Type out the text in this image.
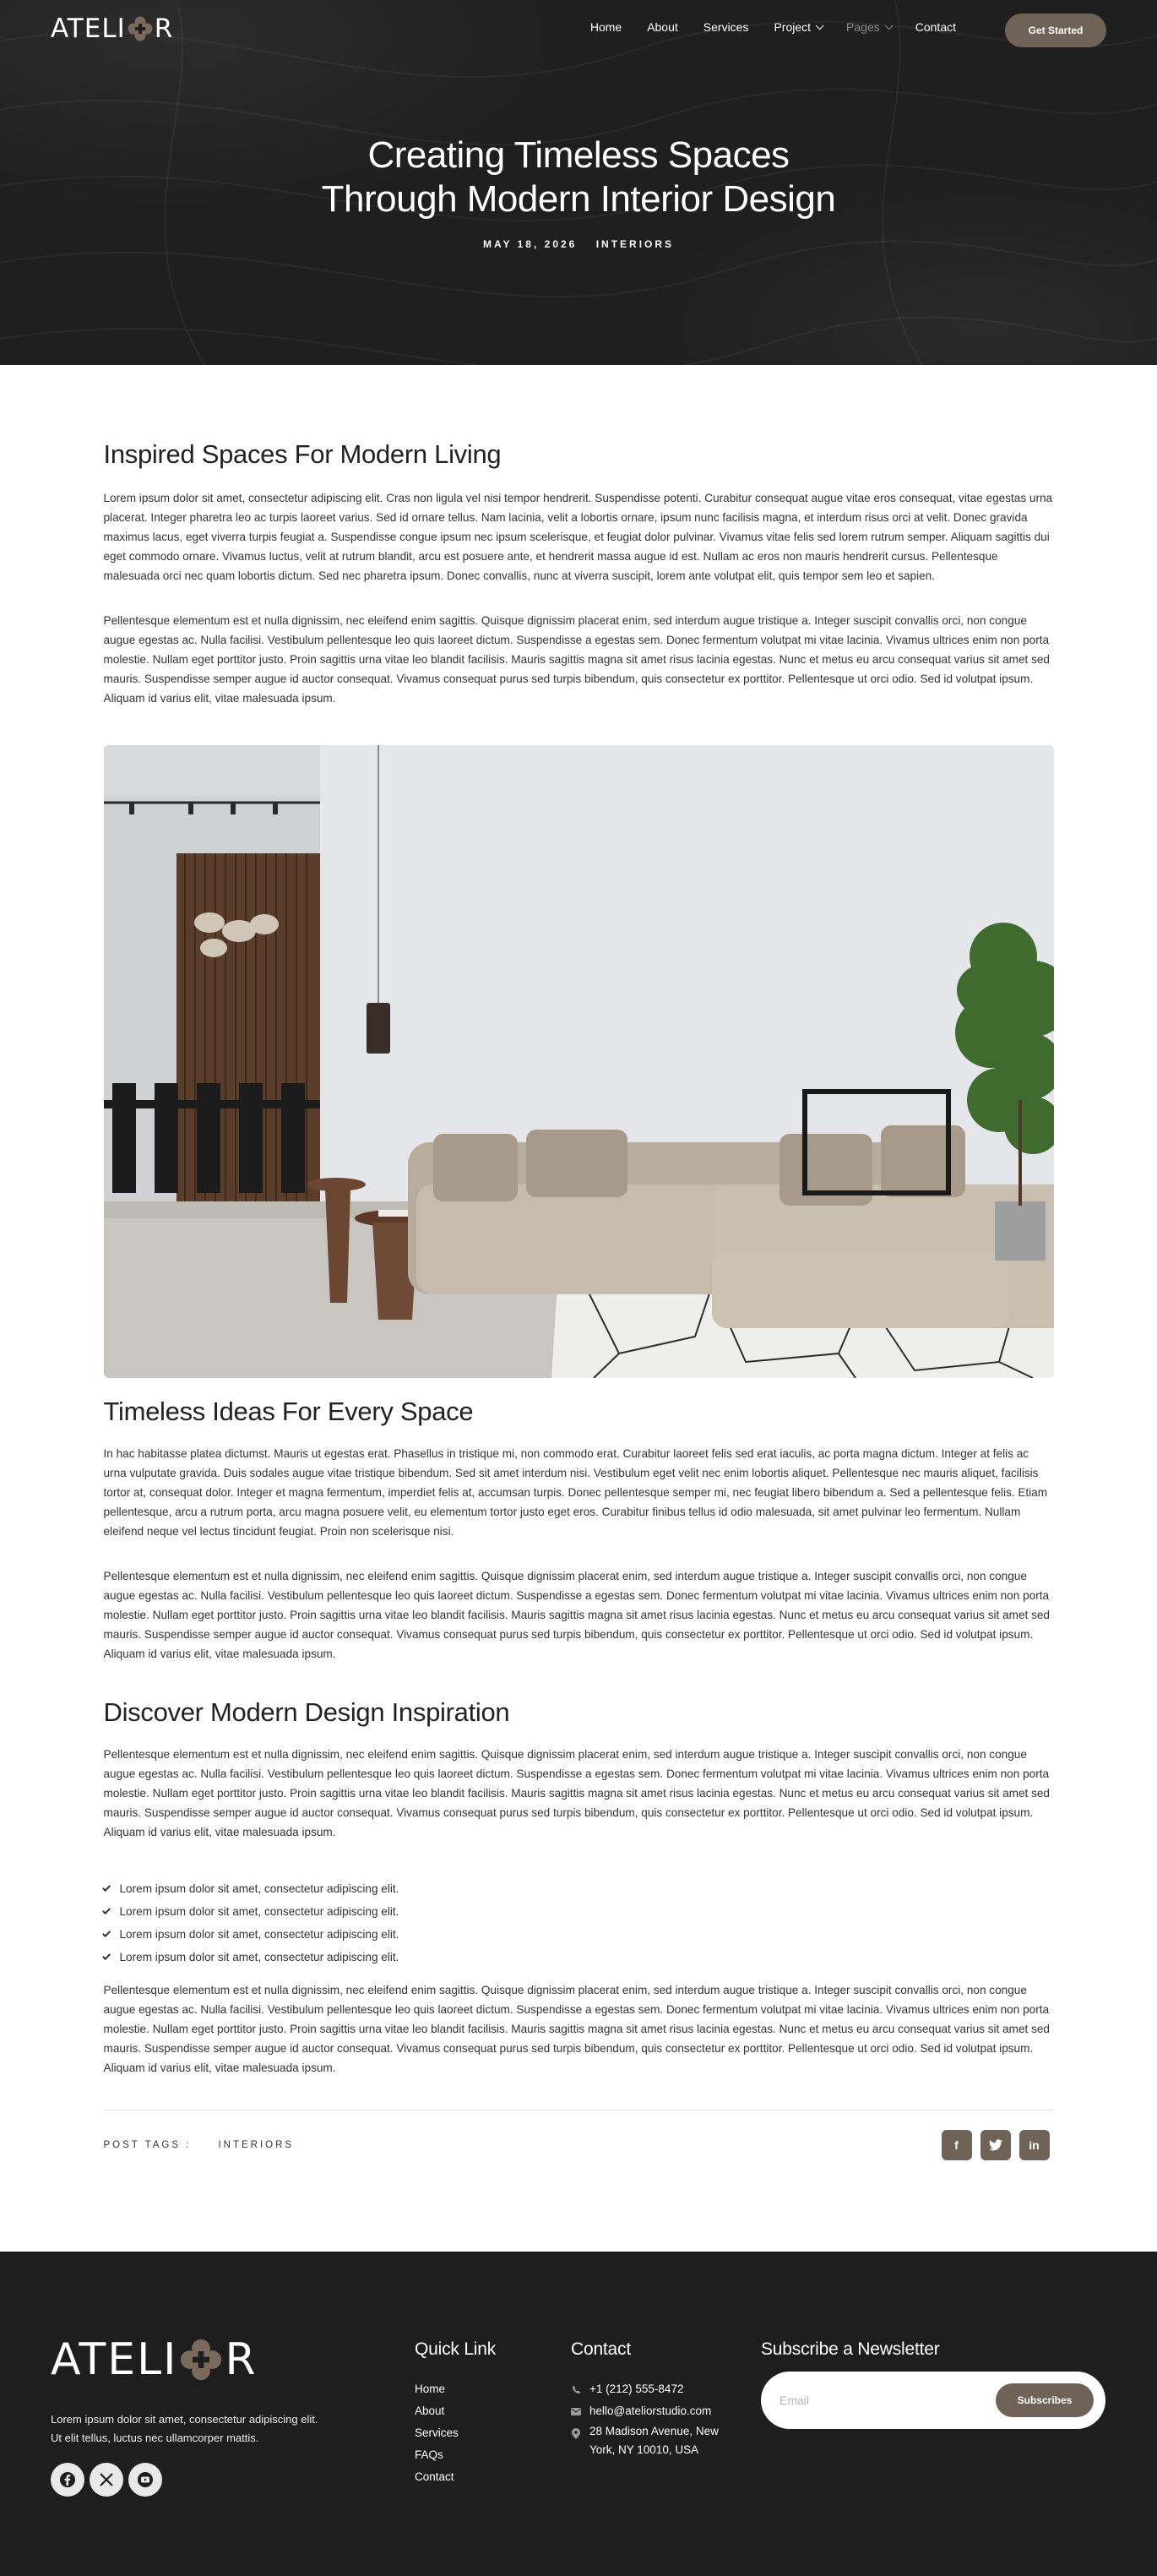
ATELI R	Home About Services Project	Pages	Contact	Get Started
Creating Timeless Spaces
Through Modern Interior Design
MAY 18, 2026 INTERIORS
Inspired Spaces For Modern Living

Lorem ipsum dolor sit amet, consectetur adipiscing elit. Cras non ligula vel nisi tempor hendrerit. Suspendisse potenti. Curabitur consequat augue vitae eros consequat, vitae egestas urna placerat. Integer pharetra leo ac turpis laoreet varius. Sed id ornare tellus. Nam lacinia, velit a lobortis ornare, ipsum nunc facilisis magna, et interdum risus orci at velit. Donec gravida maximus lacus, eget viverra turpis feugiat a. Suspendisse congue ipsum nec ipsum scelerisque, et feugiat dolor pulvinar. Vivamus vitae felis sed lorem rutrum semper. Aliquam sagittis dui eget commodo ornare. Vivamus luctus, velit at rutrum blandit, arcu est posuere ante, et hendrerit massa augue id est. Nullam ac eros non mauris hendrerit cursus. Pellentesque malesuada orci nec quam lobortis dictum. Sed nec pharetra ipsum. Donec convallis, nunc at viverra suscipit, lorem ante volutpat elit, quis tempor sem leo et sapien.

Pellentesque elementum est et nulla dignissim, nec eleifend enim sagittis. Quisque dignissim placerat enim, sed interdum augue tristique a. Integer suscipit convallis orci, non congue augue egestas ac. Nulla facilisi. Vestibulum pellentesque leo quis laoreet dictum. Suspendisse a egestas sem. Donec fermentum volutpat mi vitae lacinia. Vivamus ultrices enim non porta molestie. Nullam eget porttitor justo. Proin sagittis urna vitae leo blandit facilisis. Mauris sagittis magna sit amet risus lacinia egestas. Nunc et metus eu arcu consequat varius sit amet sed mauris. Suspendisse semper augue id auctor consequat. Vivamus consequat purus sed turpis bibendum, quis consectetur ex porttitor. Pellentesque ut orci odio. Sed id volutpat ipsum. Aliquam id varius elit, vitae malesuada ipsum.

Timeless Ideas For Every Space

In hac habitasse platea dictumst. Mauris ut egestas erat. Phasellus in tristique mi, non commodo erat. Curabitur laoreet felis sed erat iaculis, ac porta magna dictum. Integer at felis ac urna vulputate gravida. Duis sodales augue vitae tristique bibendum. Sed sit amet interdum nisi. Vestibulum eget velit nec enim lobortis aliquet. Pellentesque nec mauris aliquet, facilisis tortor at, consequat dolor. Integer et magna fermentum, imperdiet felis at, accumsan turpis. Donec pellentesque semper mi, nec feugiat libero bibendum a. Sed a pellentesque felis. Etiam pellentesque, arcu a rutrum porta, arcu magna posuere velit, eu elementum tortor justo eget eros. Curabitur finibus tellus id odio malesuada, sit amet pulvinar leo fermentum. Nullam eleifend neque vel lectus tincidunt feugiat. Proin non scelerisque nisi.

Pellentesque elementum est et nulla dignissim, nec eleifend enim sagittis. Quisque dignissim placerat enim, sed interdum augue tristique a. Integer suscipit convallis orci, non congue augue egestas ac. Nulla facilisi. Vestibulum pellentesque leo quis laoreet dictum. Suspendisse a egestas sem. Donec fermentum volutpat mi vitae lacinia. Vivamus ultrices enim non porta molestie. Nullam eget porttitor justo. Proin sagittis urna vitae leo blandit facilisis. Mauris sagittis magna sit amet risus lacinia egestas. Nunc et metus eu arcu consequat varius sit amet sed mauris. Suspendisse semper augue id auctor consequat. Vivamus consequat purus sed turpis bibendum, quis consectetur ex porttitor. Pellentesque ut orci odio. Sed id volutpat ipsum. Aliquam id varius elit, vitae malesuada ipsum.

Discover Modern Design Inspiration

Pellentesque elementum est et nulla dignissim, nec eleifend enim sagittis. Quisque dignissim placerat enim, sed interdum augue tristique a. Integer suscipit convallis orci, non congue augue egestas ac. Nulla facilisi. Vestibulum pellentesque leo quis laoreet dictum. Suspendisse a egestas sem. Donec fermentum volutpat mi vitae lacinia. Vivamus ultrices enim non porta molestie. Nullam eget porttitor justo. Proin sagittis urna vitae leo blandit facilisis. Mauris sagittis magna sit amet risus lacinia egestas. Nunc et metus eu arcu consequat varius sit amet sed mauris. Suspendisse semper augue id auctor consequat. Vivamus consequat purus sed turpis bibendum, quis consectetur ex porttitor. Pellentesque ut orci odio. Sed id volutpat ipsum. Aliquam id varius elit, vitae malesuada ipsum.

Lorem ipsum dolor sit amet, consectetur adipiscing elit.
Lorem ipsum dolor sit amet, consectetur adipiscing elit.
Lorem ipsum dolor sit amet, consectetur adipiscing elit.
Lorem ipsum dolor sit amet, consectetur adipiscing elit.

Pellentesque elementum est et nulla dignissim, nec eleifend enim sagittis. Quisque dignissim placerat enim, sed interdum augue tristique a. Integer suscipit convallis orci, non congue augue egestas ac. Nulla facilisi. Vestibulum pellentesque leo quis laoreet dictum. Suspendisse a egestas sem. Donec fermentum volutpat mi vitae lacinia. Vivamus ultrices enim non porta molestie. Nullam eget porttitor justo. Proin sagittis urna vitae leo blandit facilisis. Mauris sagittis magna sit amet risus lacinia egestas. Nunc et metus eu arcu consequat varius sit amet sed mauris. Suspendisse semper augue id auctor consequat. Vivamus consequat purus sed turpis bibendum, quis consectetur ex porttitor. Pellentesque ut orci odio. Sed id volutpat ipsum. Aliquam id varius elit, vitae malesuada ipsum.

POST TAGS :	INTERIORS	f	in
ATELI R

Lorem ipsum dolor sit amet, consectetur adipiscing elit. Ut elit tellus, luctus nec ullamcorper mattis.

Quick Link
Home
About
Services
FAQs
Contact
Contact
+1 (212) 555-8472
hello@ateliorstudio.com
28 Madison Avenue, New
York, NY 10010, USA
Subscribe a Newsletter
Email
Subscribes
